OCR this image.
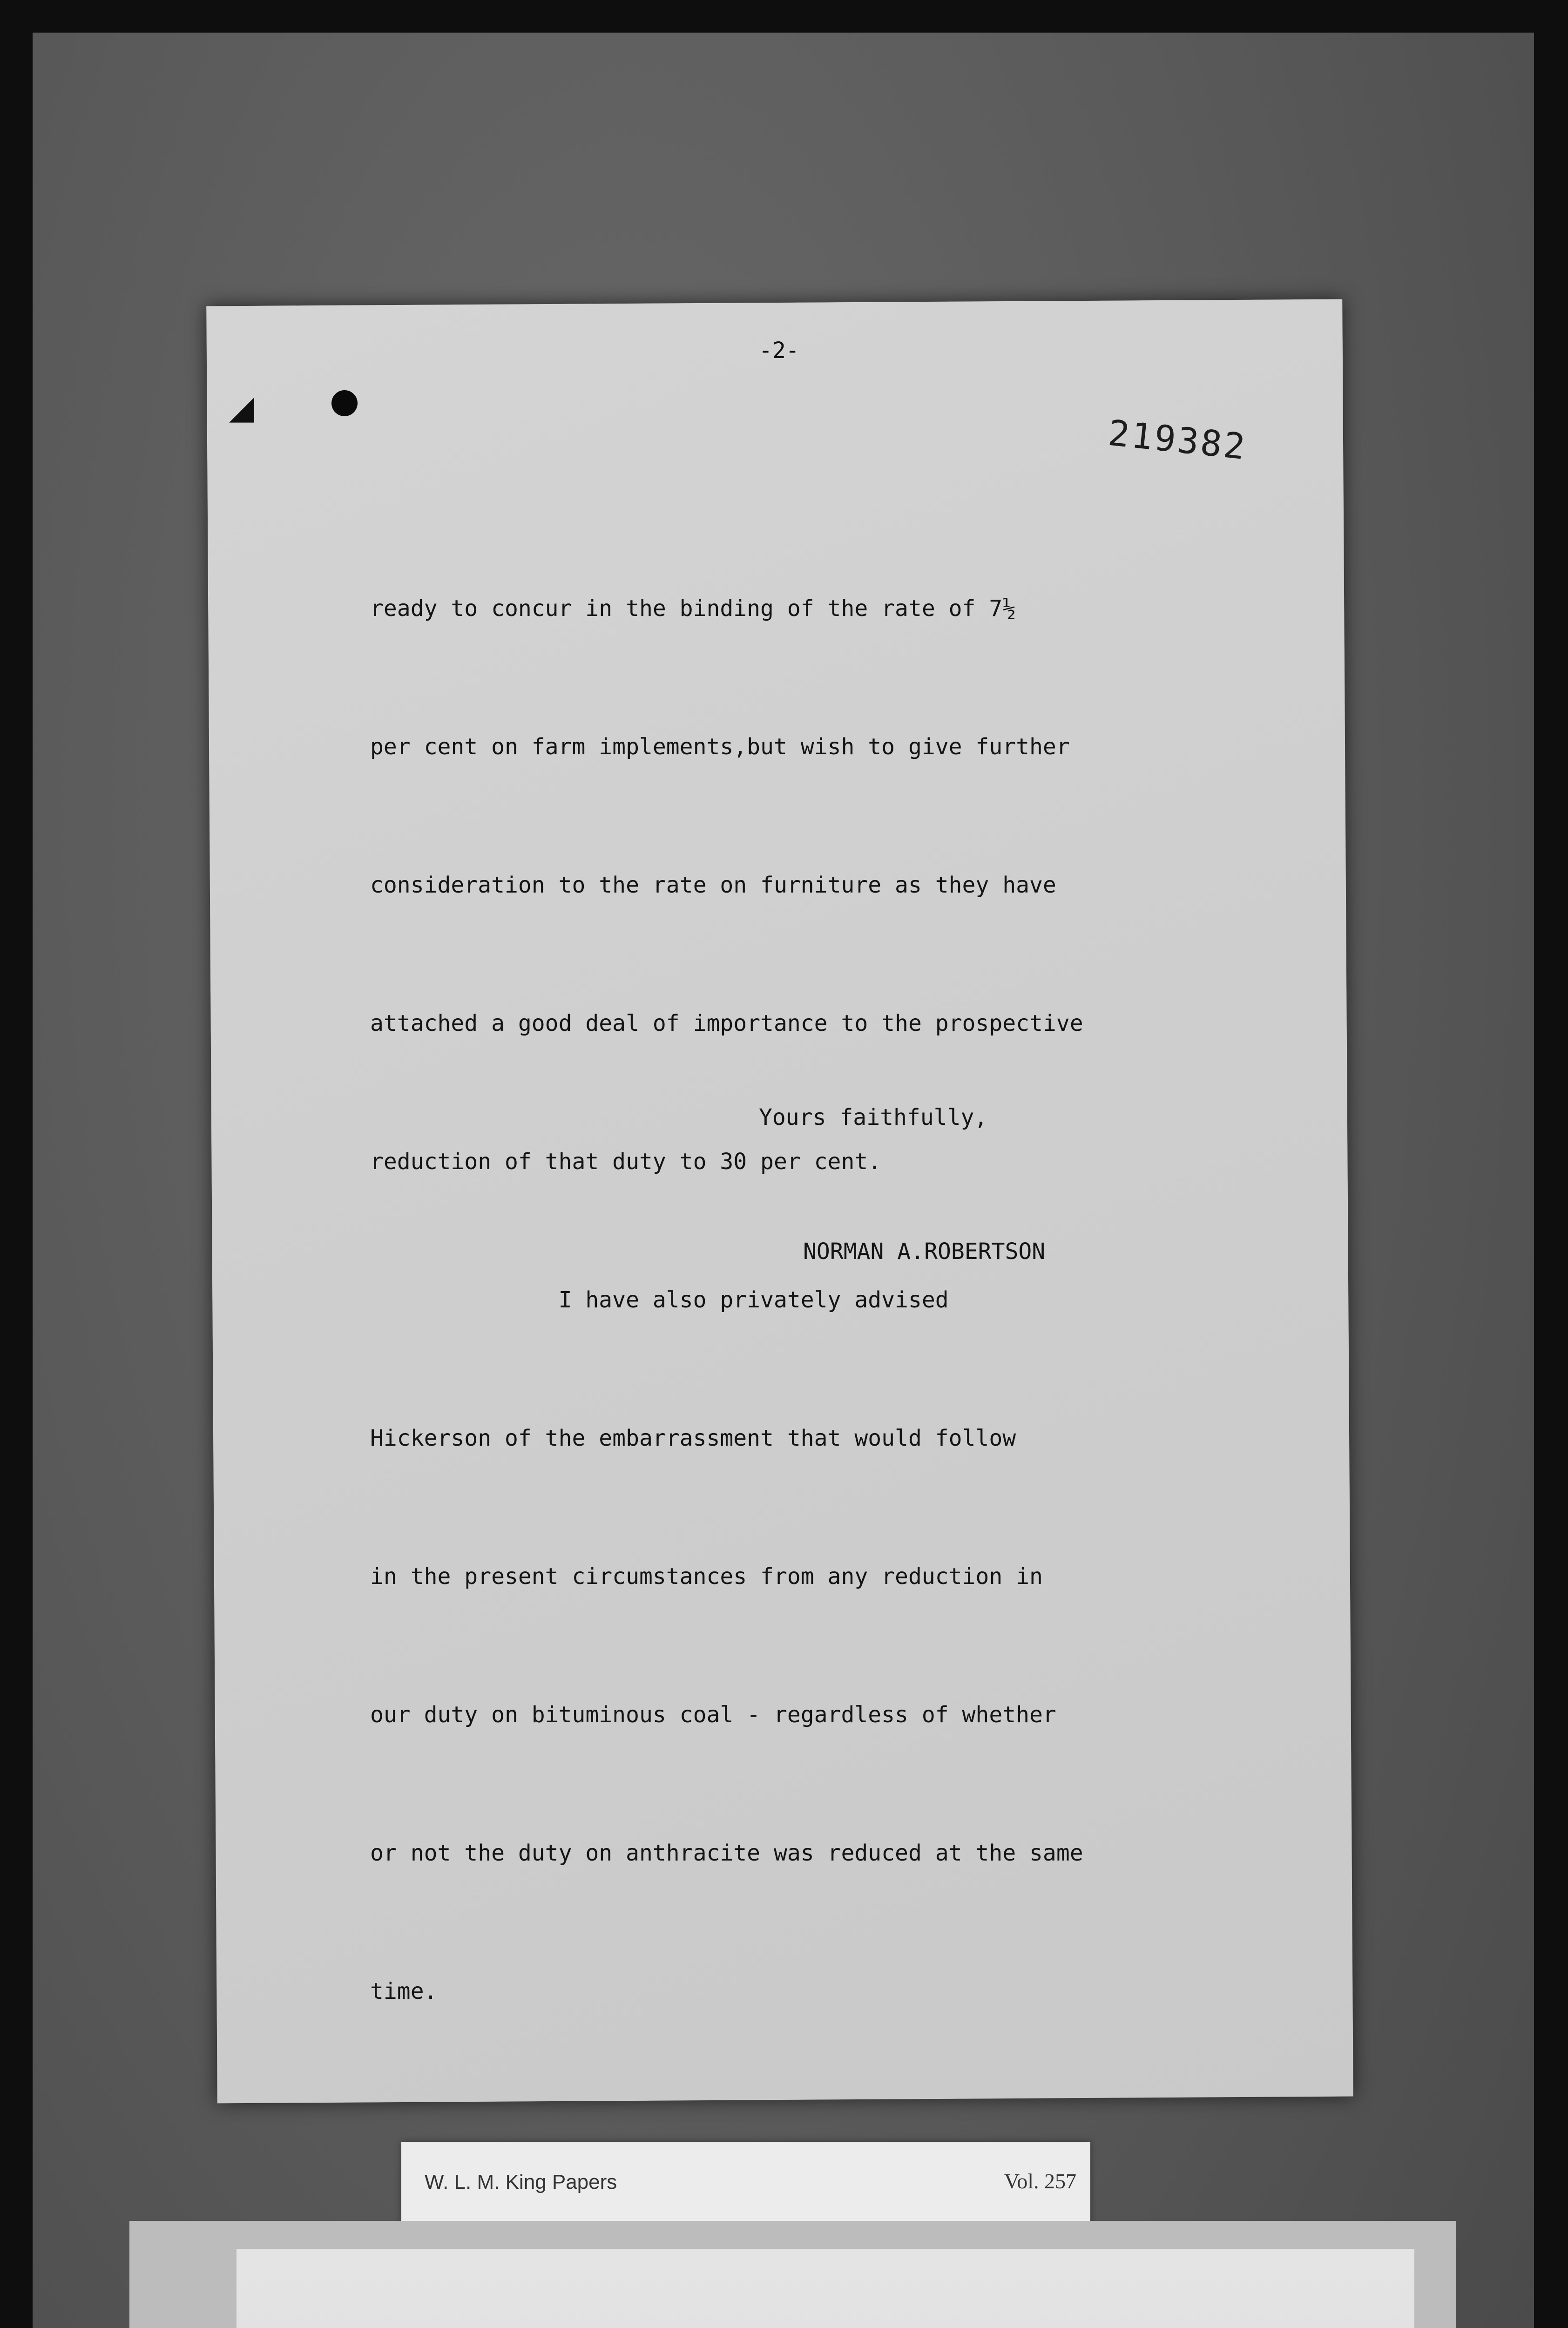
◢
-2-
219382

ready to concur in the binding of the rate of 7½

per cent on farm implements,but wish to give further

consideration to the rate on furniture as they have

attached a good deal of importance to the prospective

reduction of that duty to 30 per cent.

I have also privately advised

Hickerson of the embarrassment that would follow

in the present circumstances from any reduction in

our duty on bituminous coal - regardless of whether

or not the duty on anthracite was reduced at the same

time.

Yours faithfully,

NORMAN A.ROBERTSON

W. L. M. King Papers	Vol. 257
